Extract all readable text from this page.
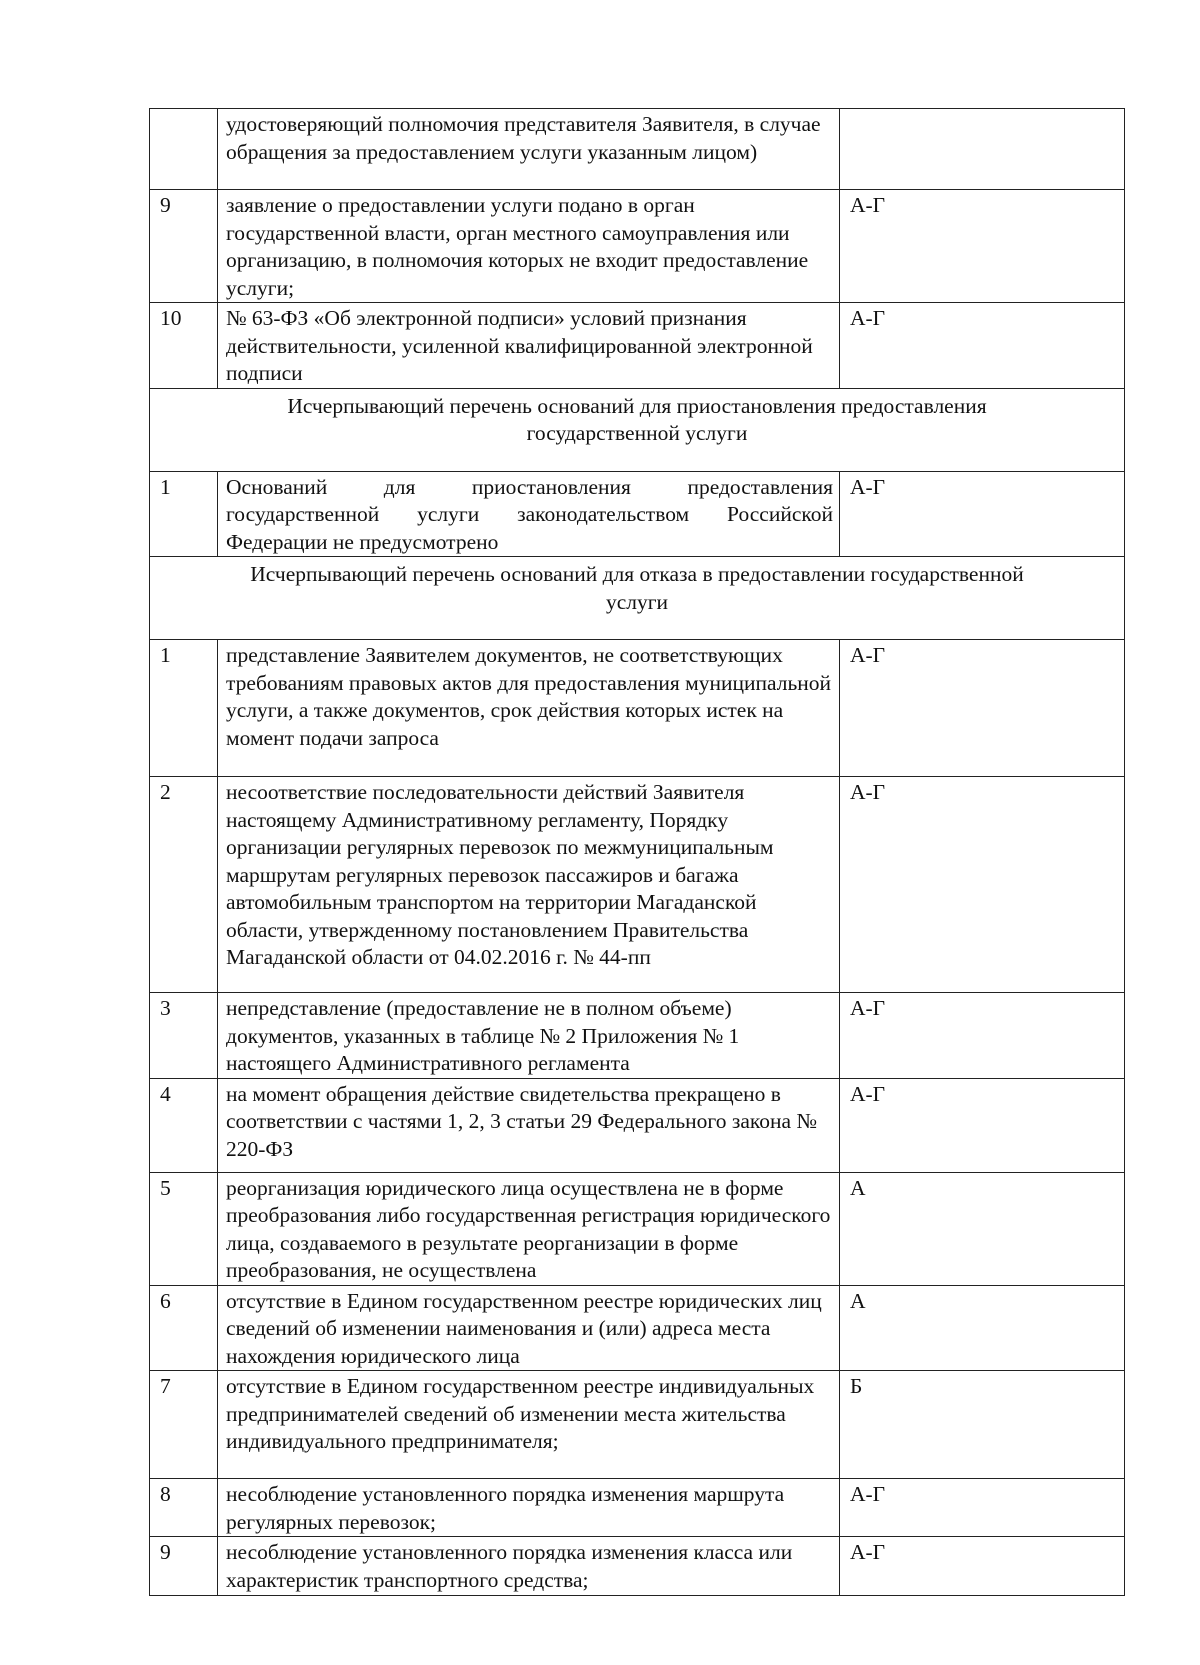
	удостоверяющий полномочия представителя Заявителя, в случае обращения за предоставлением услуги указанным лицом)	
9	заявление о предоставлении услуги подано в орган государственной власти, орган местного самоуправления или организацию, в полномочия которых не входит предоставление услуги;	А-Г
10	№ 63-ФЗ «Об электронной подписи» условий признания действительности, усиленной квалифицированной электронной подписи	А-Г
Исчерпывающий перечень оснований для приостановления предоставления государственной услуги		
1	Оснований для приостановления предоставления государственной услуги законодательством Российской Федерации не предусмотрено	А-Г
Исчерпывающий перечень оснований для отказа в предоставлении государственной услуги		
1	представление Заявителем документов, не соответствующих требованиям правовых актов для предоставления муниципальной услуги, а также документов, срок действия которых истек на момент подачи запроса	А-Г
2	несоответствие последовательности действий Заявителя настоящему Административному регламенту, Порядку организации регулярных перевозок по межмуниципальным маршрутам регулярных перевозок пассажиров и багажа автомобильным транспортом на территории Магаданской области, утвержденному постановлением Правительства Магаданской области от 04.02.2016 г. № 44-пп	А-Г
3	непредставление (предоставление не в полном объеме) документов, указанных в таблице № 2 Приложения № 1 настоящего Административного регламента	А-Г
4	на момент обращения действие свидетельства прекращено в соответствии с частями 1, 2, 3 статьи 29 Федерального закона № 220-ФЗ	А-Г
5	реорганизация юридического лица осуществлена не в форме преобразования либо государственная регистрация юридического лица, создаваемого в результате реорганизации в форме преобразования, не осуществлена	А
6	отсутствие в Едином государственном реестре юридических лиц сведений об изменении наименования и (или) адреса места нахождения юридического лица	А
7	отсутствие в Едином государственном реестре индивидуальных предпринимателей сведений об изменении места жительства индивидуального предпринимателя;	Б
8	несоблюдение установленного порядка изменения маршрута регулярных перевозок;	А-Г
9	несоблюдение установленного порядка изменения класса или характеристик транспортного средства;	А-Г
